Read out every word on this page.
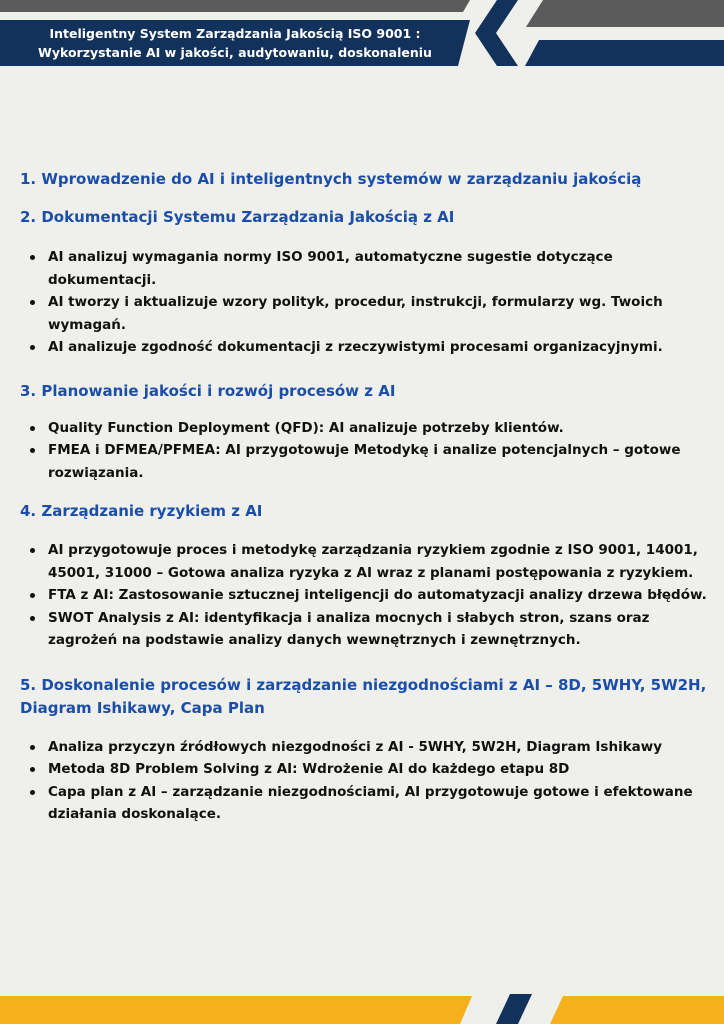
Inteligentny System Zarządzania Jakością ISO 9001 :
Wykorzystanie AI w jakości, audytowaniu, doskonaleniu
1. Wprowadzenie do AI i inteligentnych systemów w zarządzaniu jakością
2. Dokumentacji Systemu Zarządzania Jakością z AI
AI analizuj wymagania normy ISO 9001, automatyczne sugestie dotyczące dokumentacji.
AI tworzy i aktualizuje wzory polityk, procedur, instrukcji, formularzy wg. Twoich wymagań.
AI analizuje zgodność dokumentacji z rzeczywistymi procesami organizacyjnymi.
3. Planowanie jakości i rozwój procesów z AI
Quality Function Deployment (QFD): AI analizuje potrzeby klientów.
FMEA i DFMEA/PFMEA: AI przygotowuje Metodykę i analize potencjalnych – gotowe rozwiązania.
4. Zarządzanie ryzykiem z AI
AI przygotowuje proces i metodykę zarządzania ryzykiem zgodnie z ISO 9001, 14001, 45001, 31000 – Gotowa analiza ryzyka z AI wraz z planami postępowania z ryzykiem.
FTA z AI: Zastosowanie sztucznej inteligencji do automatyzacji analizy drzewa błędów.
SWOT Analysis z AI: identyfikacja i analiza mocnych i słabych stron, szans oraz zagrożeń na podstawie analizy danych wewnętrznych i zewnętrznych.
5. Doskonalenie procesów i zarządzanie niezgodnościami z AI – 8D, 5WHY, 5W2H, Diagram Ishikawy, Capa Plan
Analiza przyczyn źródłowych niezgodności z AI - 5WHY, 5W2H, Diagram Ishikawy
Metoda 8D Problem Solving z AI: Wdrożenie AI do każdego etapu 8D
Capa plan z AI – zarządzanie niezgodnościami, AI przygotowuje gotowe i efektowane działania doskonalące.
